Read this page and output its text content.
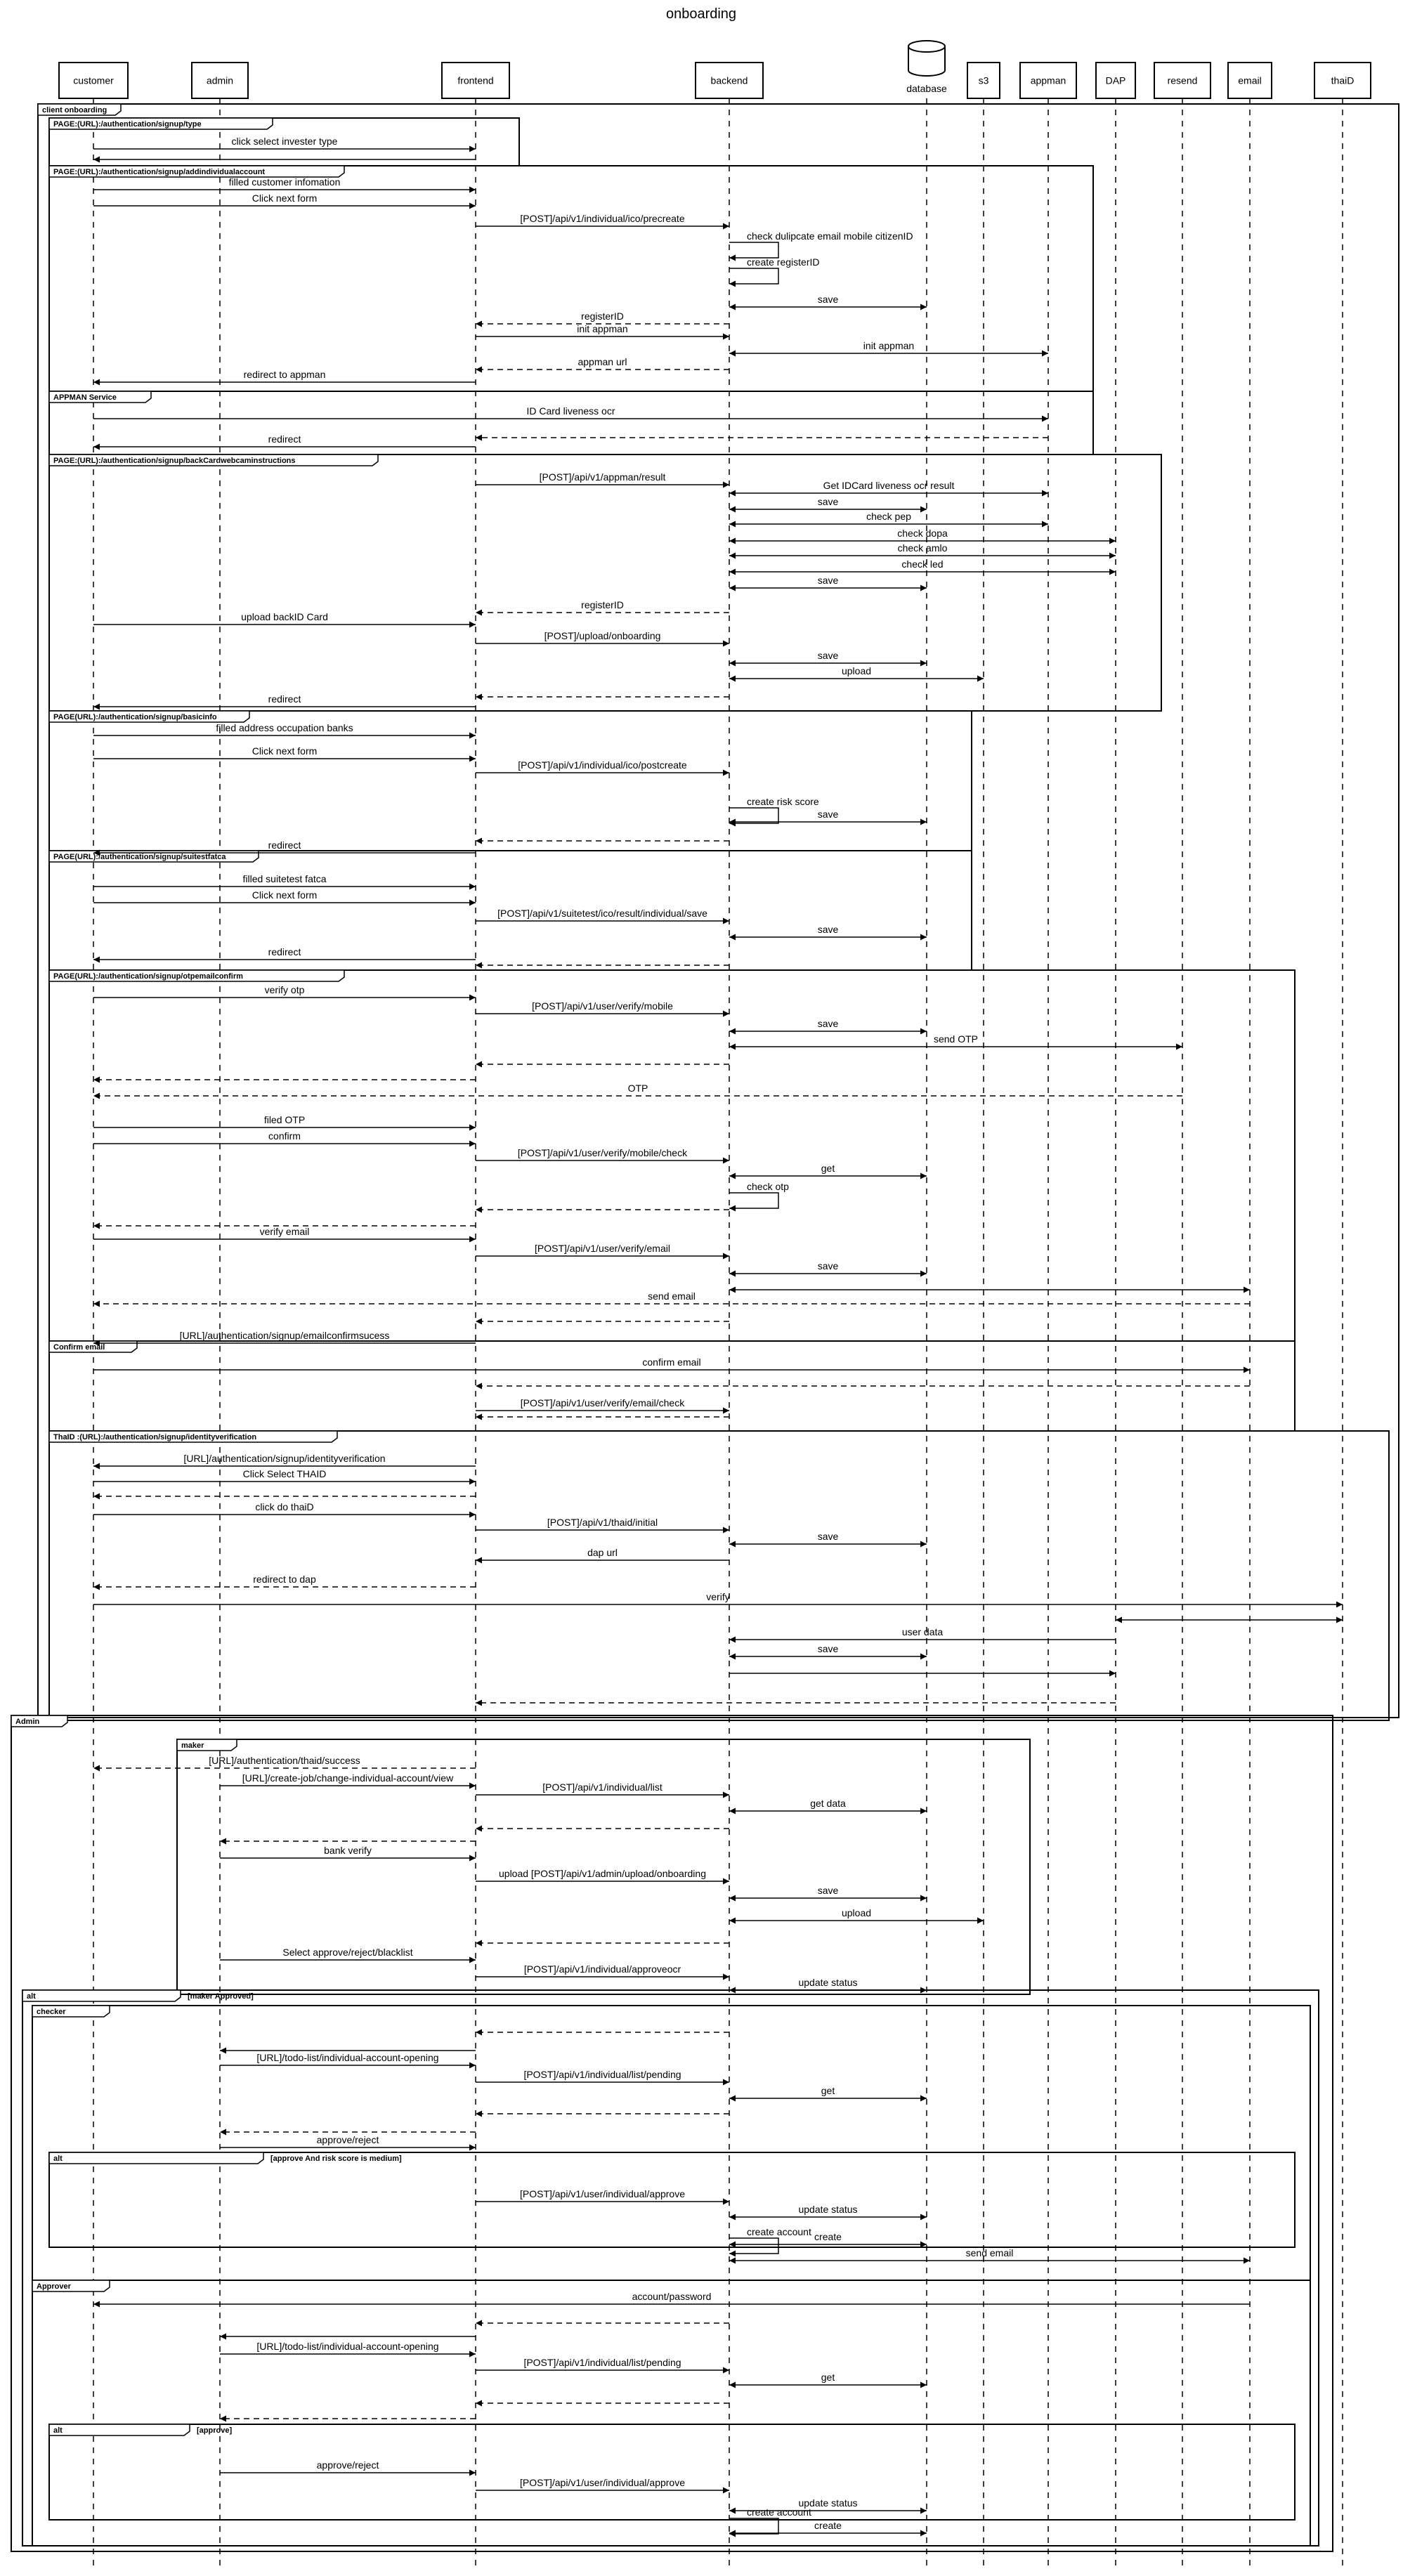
onboarding
client onboarding
PAGE:(URL):/authentication/signup/type
PAGE:(URL):/authentication/signup/addindividualaccount
APPMAN Service
PAGE:(URL):/authentication/signup/backCardwebcaminstructions
PAGE(URL):/authentication/signup/basicinfo
PAGE(URL):/authentication/signup/suitestfatca
PAGE(URL):/authentication/signup/otpemailconfirm
Confirm email
ThaID :(URL):/authentication/signup/identityverification
Admin
maker
alt	[maker Approved]
checker
alt	[approve And risk score is medium]
Approver
alt	[approve]
click select invester type
filled customer infomation
Click next form
[POST]/api/v1/individual/ico/precreate
check dulipcate email mobile citizenID
create registerID
save
registerID
init appman
init appman
appman url
redirect to appman
ID Card liveness ocr
redirect
[POST]/api/v1/appman/result
Get IDCard liveness ocr result
save
check pep
check dopa
check amlo
check led
save
registerID
upload backID Card
[POST]/upload/onboarding
save
upload
redirect
filled address occupation banks
Click next form
[POST]/api/v1/individual/ico/postcreate
create risk score
save
redirect
filled suitetest fatca
Click next form
[POST]/api/v1/suitetest/ico/result/individual/save
save
redirect
verify otp
[POST]/api/v1/user/verify/mobile
save
send OTP
OTP
filed OTP
confirm
[POST]/api/v1/user/verify/mobile/check
get
check otp
verify email
[POST]/api/v1/user/verify/email
save
send email
[URL]/authentication/signup/emailconfirmsucess
confirm email
[POST]/api/v1/user/verify/email/check
[URL]/authentication/signup/identityverification
Click Select THAID
click do thaiD
[POST]/api/v1/thaid/initial
save
dap url
redirect to dap
verify
user data
save
[URL]/authentication/thaid/success
[URL]/create-job/change-individual-account/view
[POST]/api/v1/individual/list
get data
bank verify
upload [POST]/api/v1/admin/upload/onboarding
save
upload
Select approve/reject/blacklist
[POST]/api/v1/individual/approveocr
update status
[URL]/todo-list/individual-account-opening
[POST]/api/v1/individual/list/pending
get
approve/reject
[POST]/api/v1/user/individual/approve
update status
create account create
send email
account/password
[URL]/todo-list/individual-account-opening
[POST]/api/v1/individual/list/pending
get
approve/reject
[POST]/api/v1/user/individual/approve
update status
create account
create
customer	admin	frontend	backend
database
s3	appman	DAP	resend	email	thaiD
